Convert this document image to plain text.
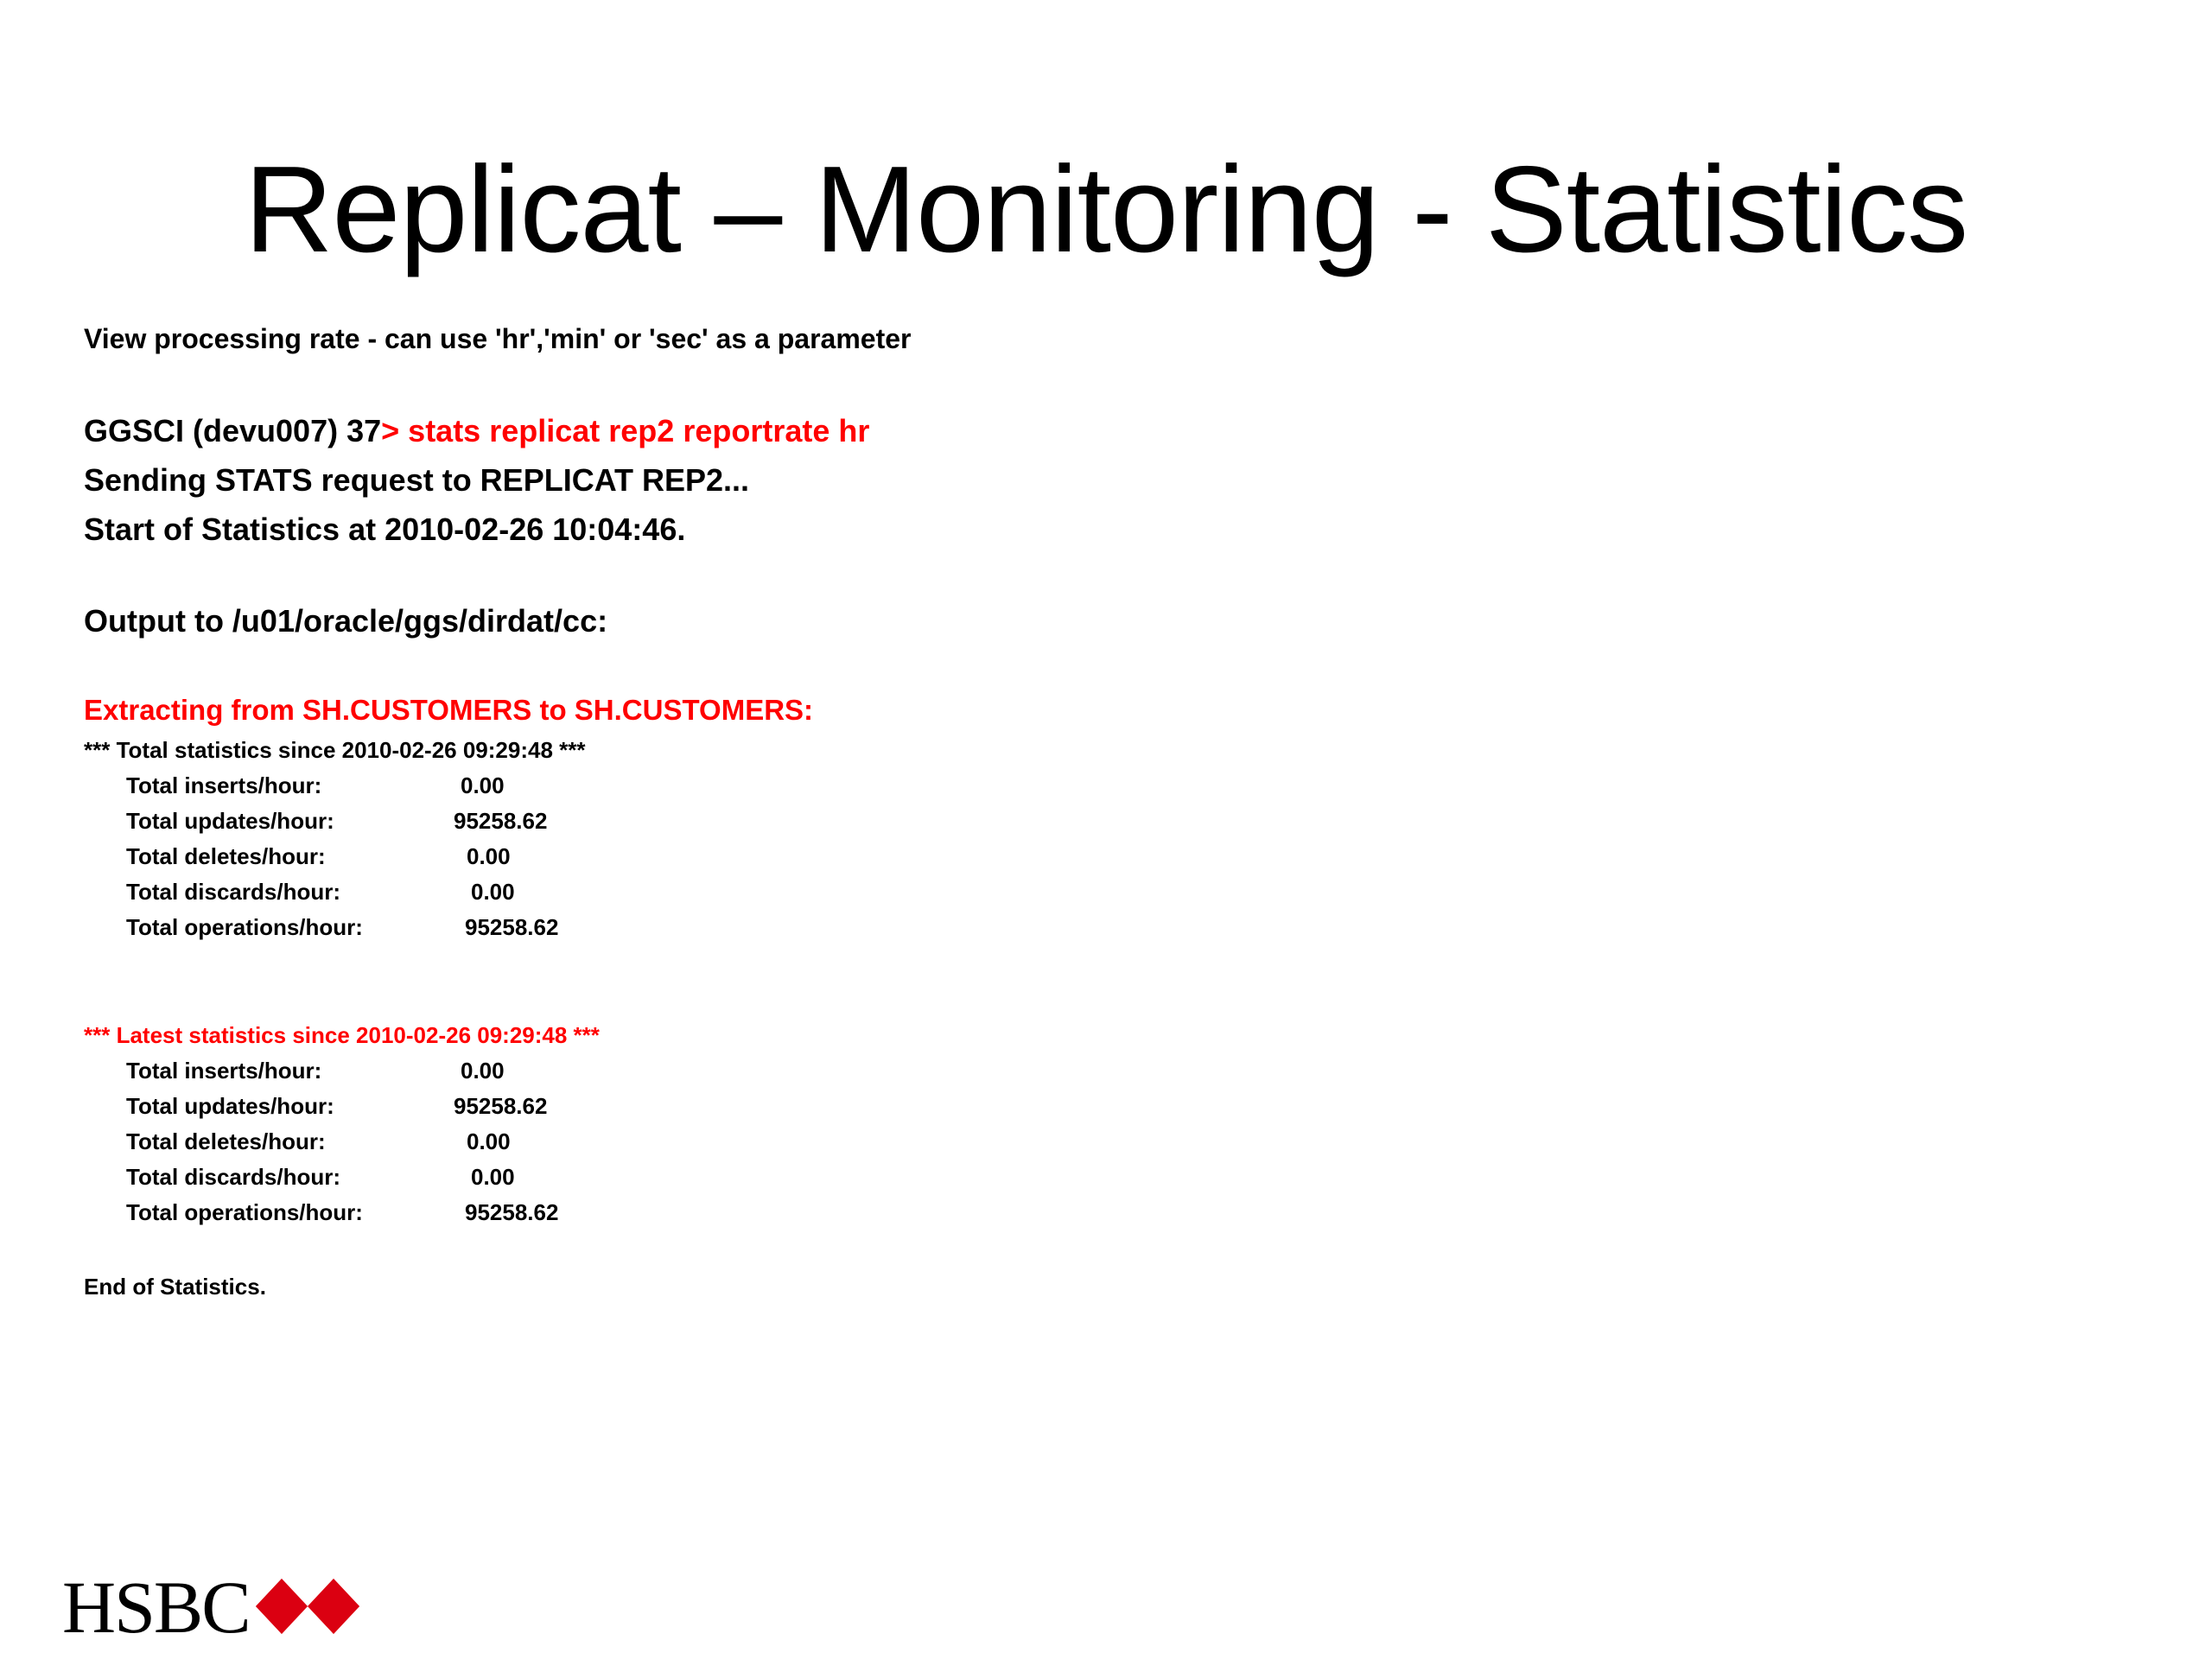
Replicat – Monitoring - Statistics
View processing rate - can use 'hr','min' or 'sec' as a parameter
GGSCI (devu007) 37> stats replicat rep2 reportrate hr
Sending STATS request to REPLICAT REP2...
Start of Statistics at 2010-02-26 10:04:46.
Output to /u01/oracle/ggs/dirdat/cc:
Extracting from SH.CUSTOMERS to SH.CUSTOMERS:
*** Total statistics since 2010-02-26 09:29:48 ***
Total inserts/hour:	0.00
Total updates/hour:	95258.62
Total deletes/hour:	0.00
Total discards/hour:	0.00
Total operations/hour:	95258.62
*** Latest statistics since 2010-02-26 09:29:48 ***
Total inserts/hour:	0.00
Total updates/hour:	95258.62
Total deletes/hour:	0.00
Total discards/hour:	0.00
Total operations/hour:	95258.62
End of Statistics.
HSBC
